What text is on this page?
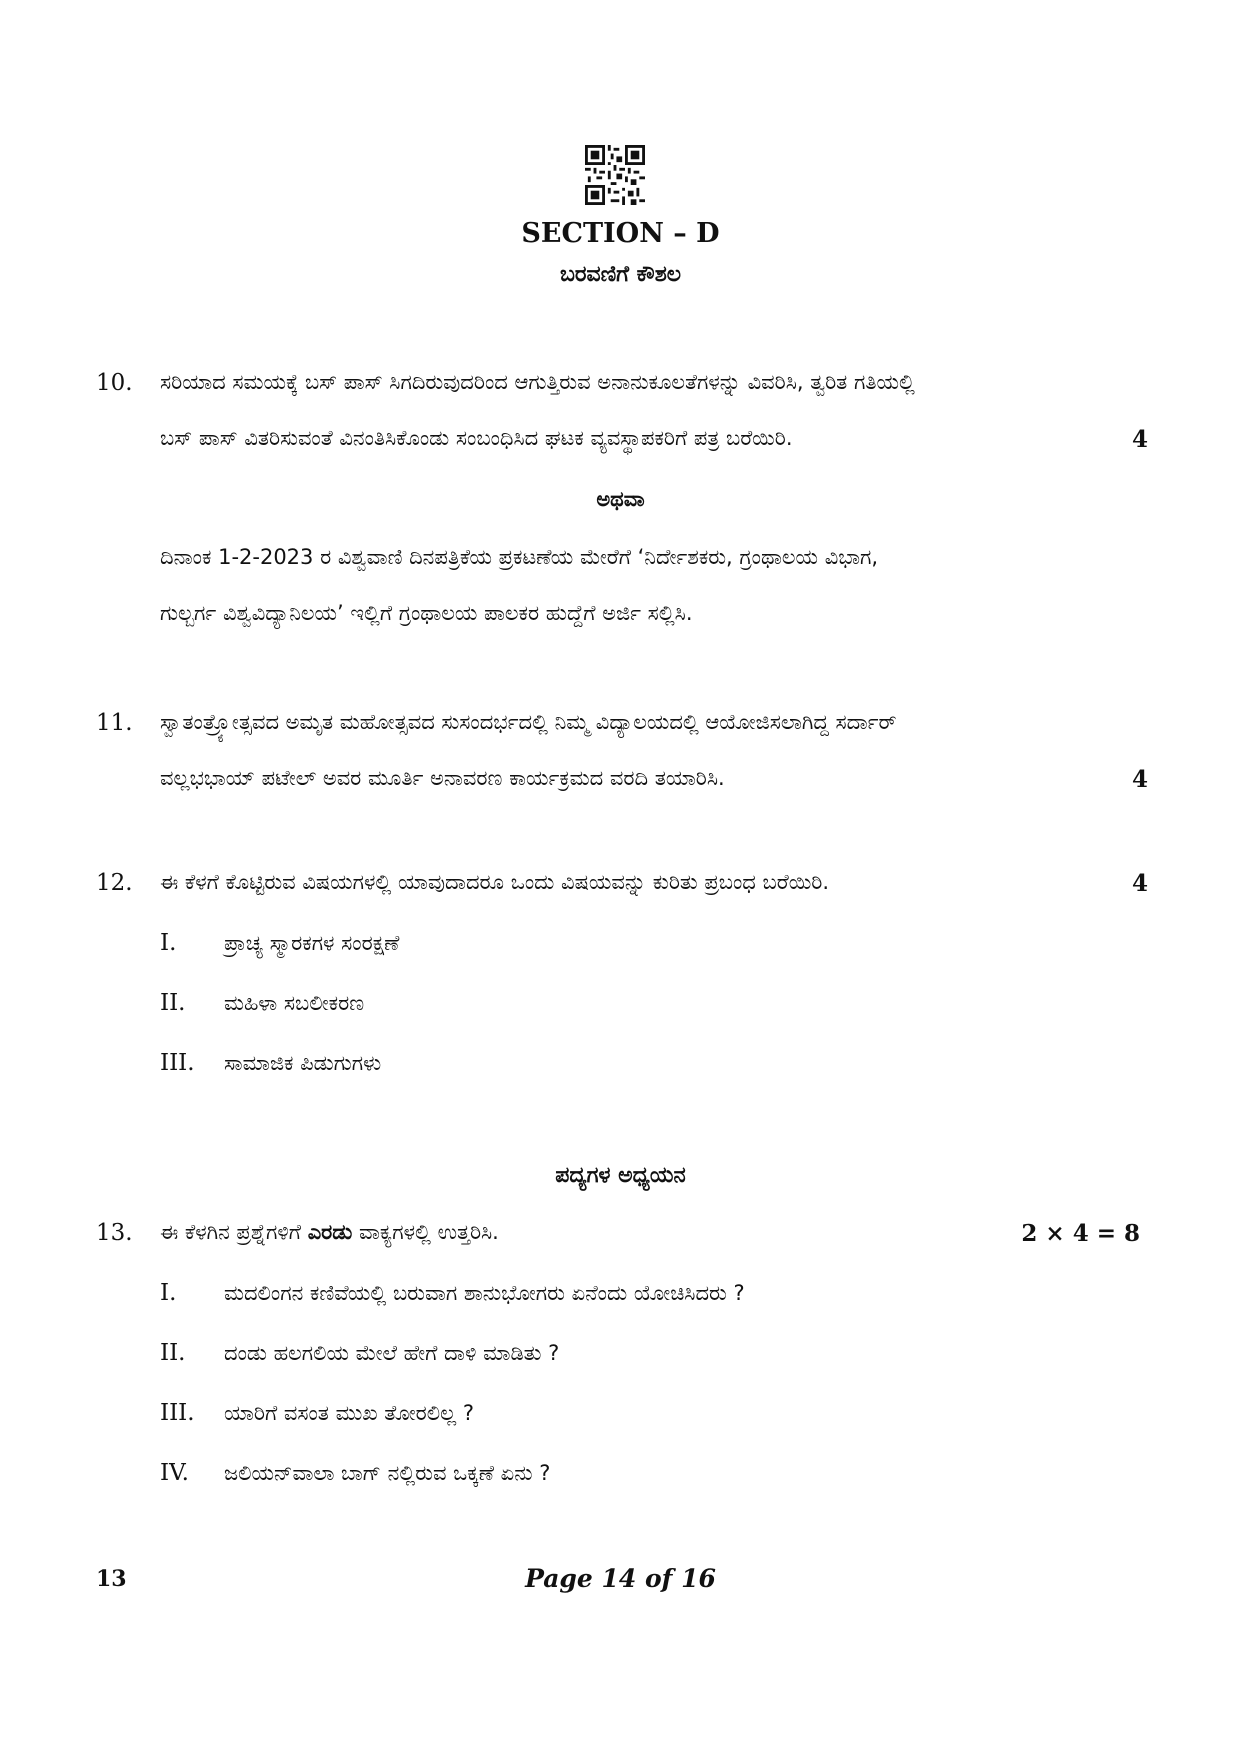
SECTION – D
ಬರವಣಿಗೆ ಕೌಶಲ
10. ಸರಿಯಾದ ಸಮಯಕ್ಕೆ ಬಸ್ ಪಾಸ್ ಸಿಗದಿರುವುದರಿಂದ ಆಗುತ್ತಿರುವ ಅನಾನುಕೂಲತೆಗಳನ್ನು ವಿವರಿಸಿ, ತ್ವರಿತ ಗತಿಯಲ್ಲಿ
ಬಸ್ ಪಾಸ್ ವಿತರಿಸುವಂತೆ ವಿನಂತಿಸಿಕೊಂಡು ಸಂಬಂಧಿಸಿದ ಘಟಕ ವ್ಯವಸ್ಥಾಪಕರಿಗೆ ಪತ್ರ ಬರೆಯಿರಿ.	4
ಅಥವಾ
ದಿನಾಂಕ 1-2-2023 ರ ವಿಶ್ವವಾಣಿ ದಿನಪತ್ರಿಕೆಯ ಪ್ರಕಟಣೆಯ ಮೇರೆಗೆ ‘ನಿರ್ದೇಶಕರು, ಗ್ರಂಥಾಲಯ ವಿಭಾಗ,
ಗುಲ್ಬರ್ಗ ವಿಶ್ವವಿದ್ಯಾನಿಲಯ’ ಇಲ್ಲಿಗೆ ಗ್ರಂಥಾಲಯ ಪಾಲಕರ ಹುದ್ದೆಗೆ ಅರ್ಜಿ ಸಲ್ಲಿಸಿ.
11. ಸ್ವಾತಂತ್ರ್ಯೋತ್ಸವದ ಅಮೃತ ಮಹೋತ್ಸವದ ಸುಸಂದರ್ಭದಲ್ಲಿ ನಿಮ್ಮ ವಿದ್ಯಾಲಯದಲ್ಲಿ ಆಯೋಜಿಸಲಾಗಿದ್ದ ಸರ್ದಾರ್
ವಲ್ಲಭಭಾಯ್ ಪಟೇಲ್ ಅವರ ಮೂರ್ತಿ ಅನಾವರಣ ಕಾರ್ಯಕ್ರಮದ ವರದಿ ತಯಾರಿಸಿ.	4
12. ಈ ಕೆಳಗೆ ಕೊಟ್ಟಿರುವ ವಿಷಯಗಳಲ್ಲಿ ಯಾವುದಾದರೂ ಒಂದು ವಿಷಯವನ್ನು ಕುರಿತು ಪ್ರಬಂಧ ಬರೆಯಿರಿ.	4
I. ಪ್ರಾಚ್ಯ ಸ್ಮಾರಕಗಳ ಸಂರಕ್ಷಣೆ
II. ಮಹಿಳಾ ಸಬಲೀಕರಣ
III. ಸಾಮಾಜಿಕ ಪಿಡುಗುಗಳು
ಪದ್ಯಗಳ ಅಧ್ಯಯನ
13. ಈ ಕೆಳಗಿನ ಪ್ರಶ್ನೆಗಳಿಗೆ ಎರಡು ವಾಕ್ಯಗಳಲ್ಲಿ ಉತ್ತರಿಸಿ.	2 × 4 = 8
I. ಮದಲಿಂಗನ ಕಣಿವೆಯಲ್ಲಿ ಬರುವಾಗ ಶಾನುಭೋಗರು ಏನೆಂದು ಯೋಚಿಸಿದರು ?
II. ದಂಡು ಹಲಗಲಿಯ ಮೇಲೆ ಹೇಗೆ ದಾಳಿ ಮಾಡಿತು ?
III. ಯಾರಿಗೆ ವಸಂತ ಮುಖ ತೋರಲಿಲ್ಲ ?
IV. ಜಲಿಯನ್‌ವಾಲಾ ಬಾಗ್ ನಲ್ಲಿರುವ ಒಕ್ಕಣೆ ಏನು ?
13	Page 14 of 16
